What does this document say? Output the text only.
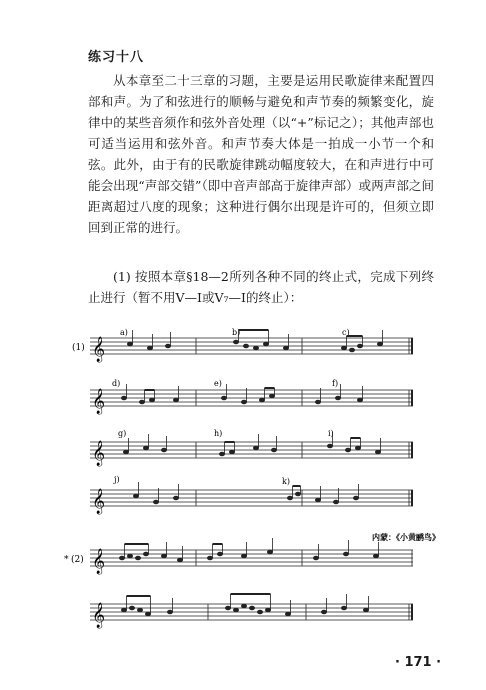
练习十八

从本章至二十三章的习题，主要是运用民歌旋律来配置四部和声。为了和弦进行的顺畅与避免和声节奏的频繁变化，旋律中的某些音须作和弦外音处理（以“+”标记之）；其他声部也可适当运用和弦外音。和声节奏大体是一拍成一小节一个和弦。此外，由于有的民歌旋律跳动幅度较大，在和声进行中可能会出现“声部交错”（即中音声部高于旋律声部）或两声部之间距离超过八度的现象；这种进行偶尔出现是许可的，但须立即回到正常的进行。

(1) 按照本章§18—2所列各种不同的终止式，完成下列终止进行（暂不用Ⅴ—Ⅰ或Ⅴ₇—Ⅰ的终止）：

(1) 𝄞
a)	b)	c)
𝄞
d)	e)	f)
𝄞
g)	h)	i)
𝄞
j)	k)
内蒙：《小黄鹂鸟》
* (2) 𝄞
𝄞
· 171 ·
